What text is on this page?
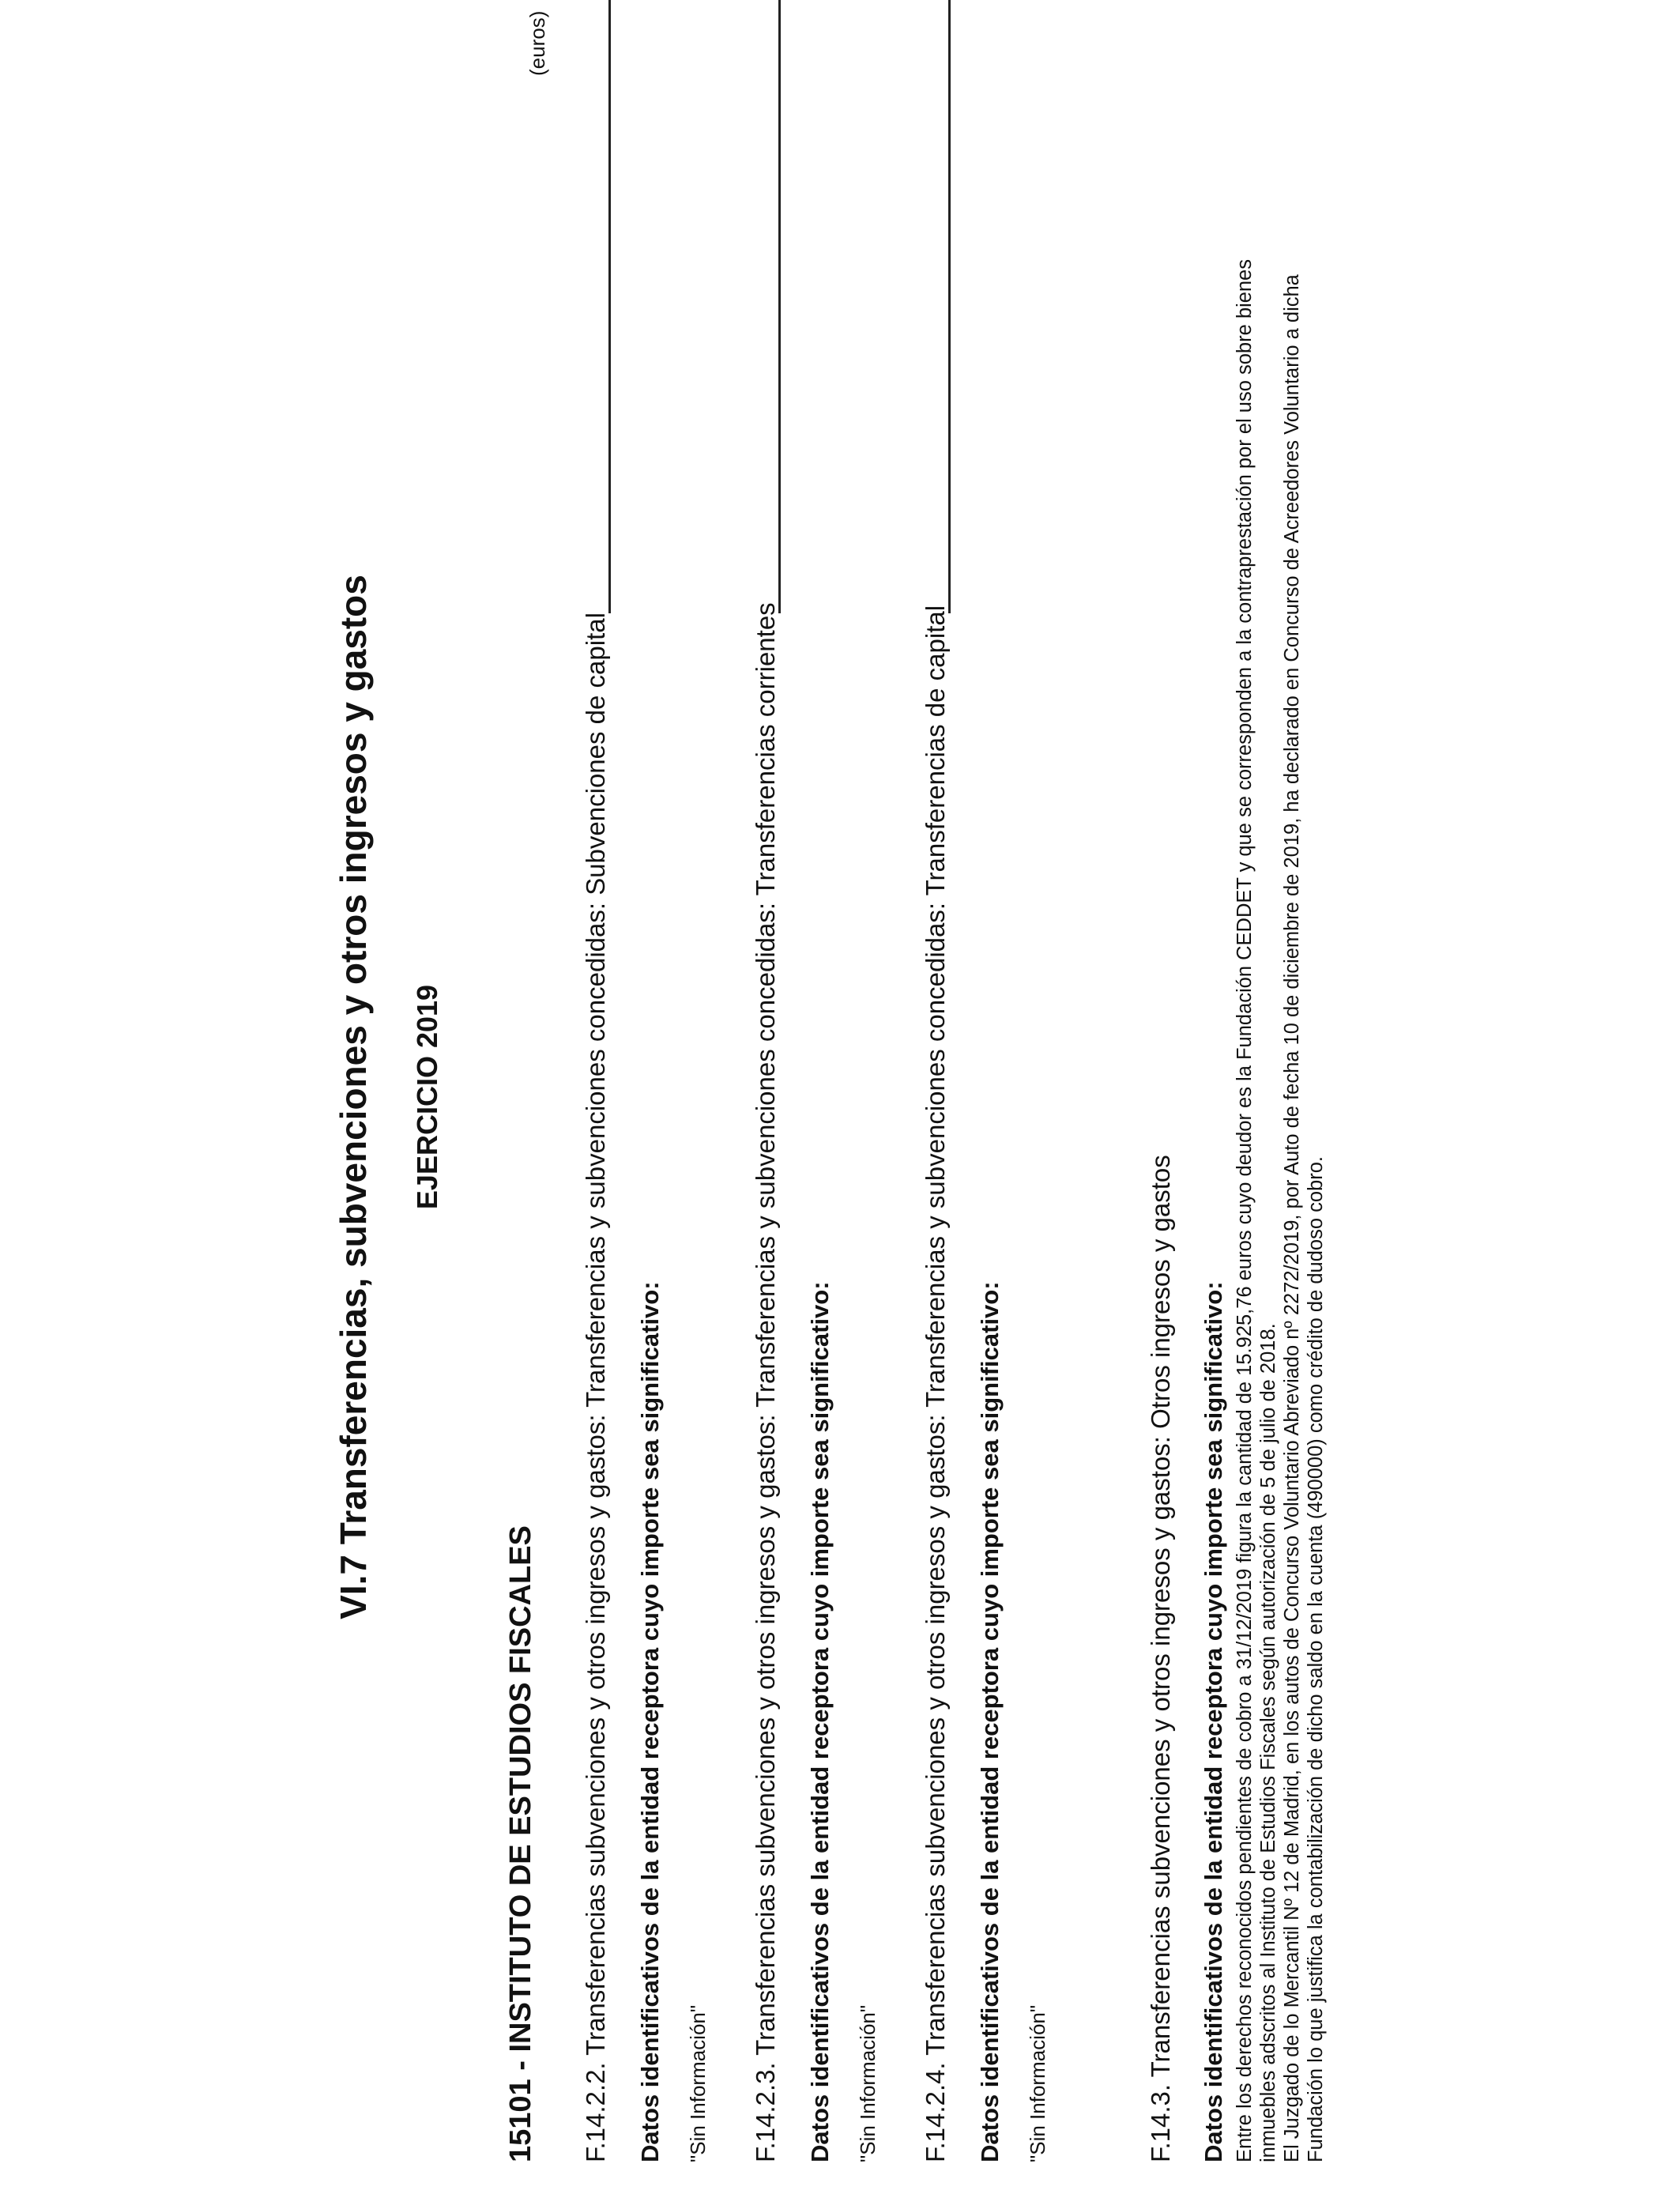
VI.7 Transferencias, subvenciones y otros ingresos y gastos EJERCICIO 2019
(euros)
15101 - INSTITUTO DE ESTUDIOS FISCALES F.14.2.2. Transferencias subvenciones y otros ingresos y gastos: Transferencias y subvenciones concedidas: Subvenciones de capital Datos identificativos de la entidad receptora cuyo importe sea significativo: "Sin Información" F.14.2.3. Transferencias subvenciones y otros ingresos y gastos: Transferencias y subvenciones concedidas: Transferencias corrientes Datos identificativos de la entidad receptora cuyo importe sea significativo: "Sin Información" F.14.2.4. Transferencias subvenciones y otros ingresos y gastos: Transferencias y subvenciones concedidas: Transferencias de capital Datos identificativos de la entidad receptora cuyo importe sea significativo: "Sin Información"	F.14.3. Transferencias subvenciones y otros ingresos y gastos: Otros ingresos y gastos Datos identificativos de la entidad receptora cuyo importe sea significativo: Entre los derechos reconocidos pendientes de cobro a 31/12/2019 figura la cantidad de 15.925,76 euros cuyo deudor es la Fundación CEDDET y que se corresponden a la contraprestación por el uso sobre bienes inmuebles adscritos al Instituto de Estudios Fiscales según autorización de 5 de julio de 2018. El Juzgado de lo Mercantil Nº 12 de Madrid, en los autos de Concurso Voluntario Abreviado nº 2272/2019, por Auto de fecha 10 de diciembre de 2019, ha declarado en Concurso de Acreedores Voluntario a dicha Fundación lo que justifica la contabilización de dicho saldo en la cuenta (490000) como crédito de dudoso cobro.
